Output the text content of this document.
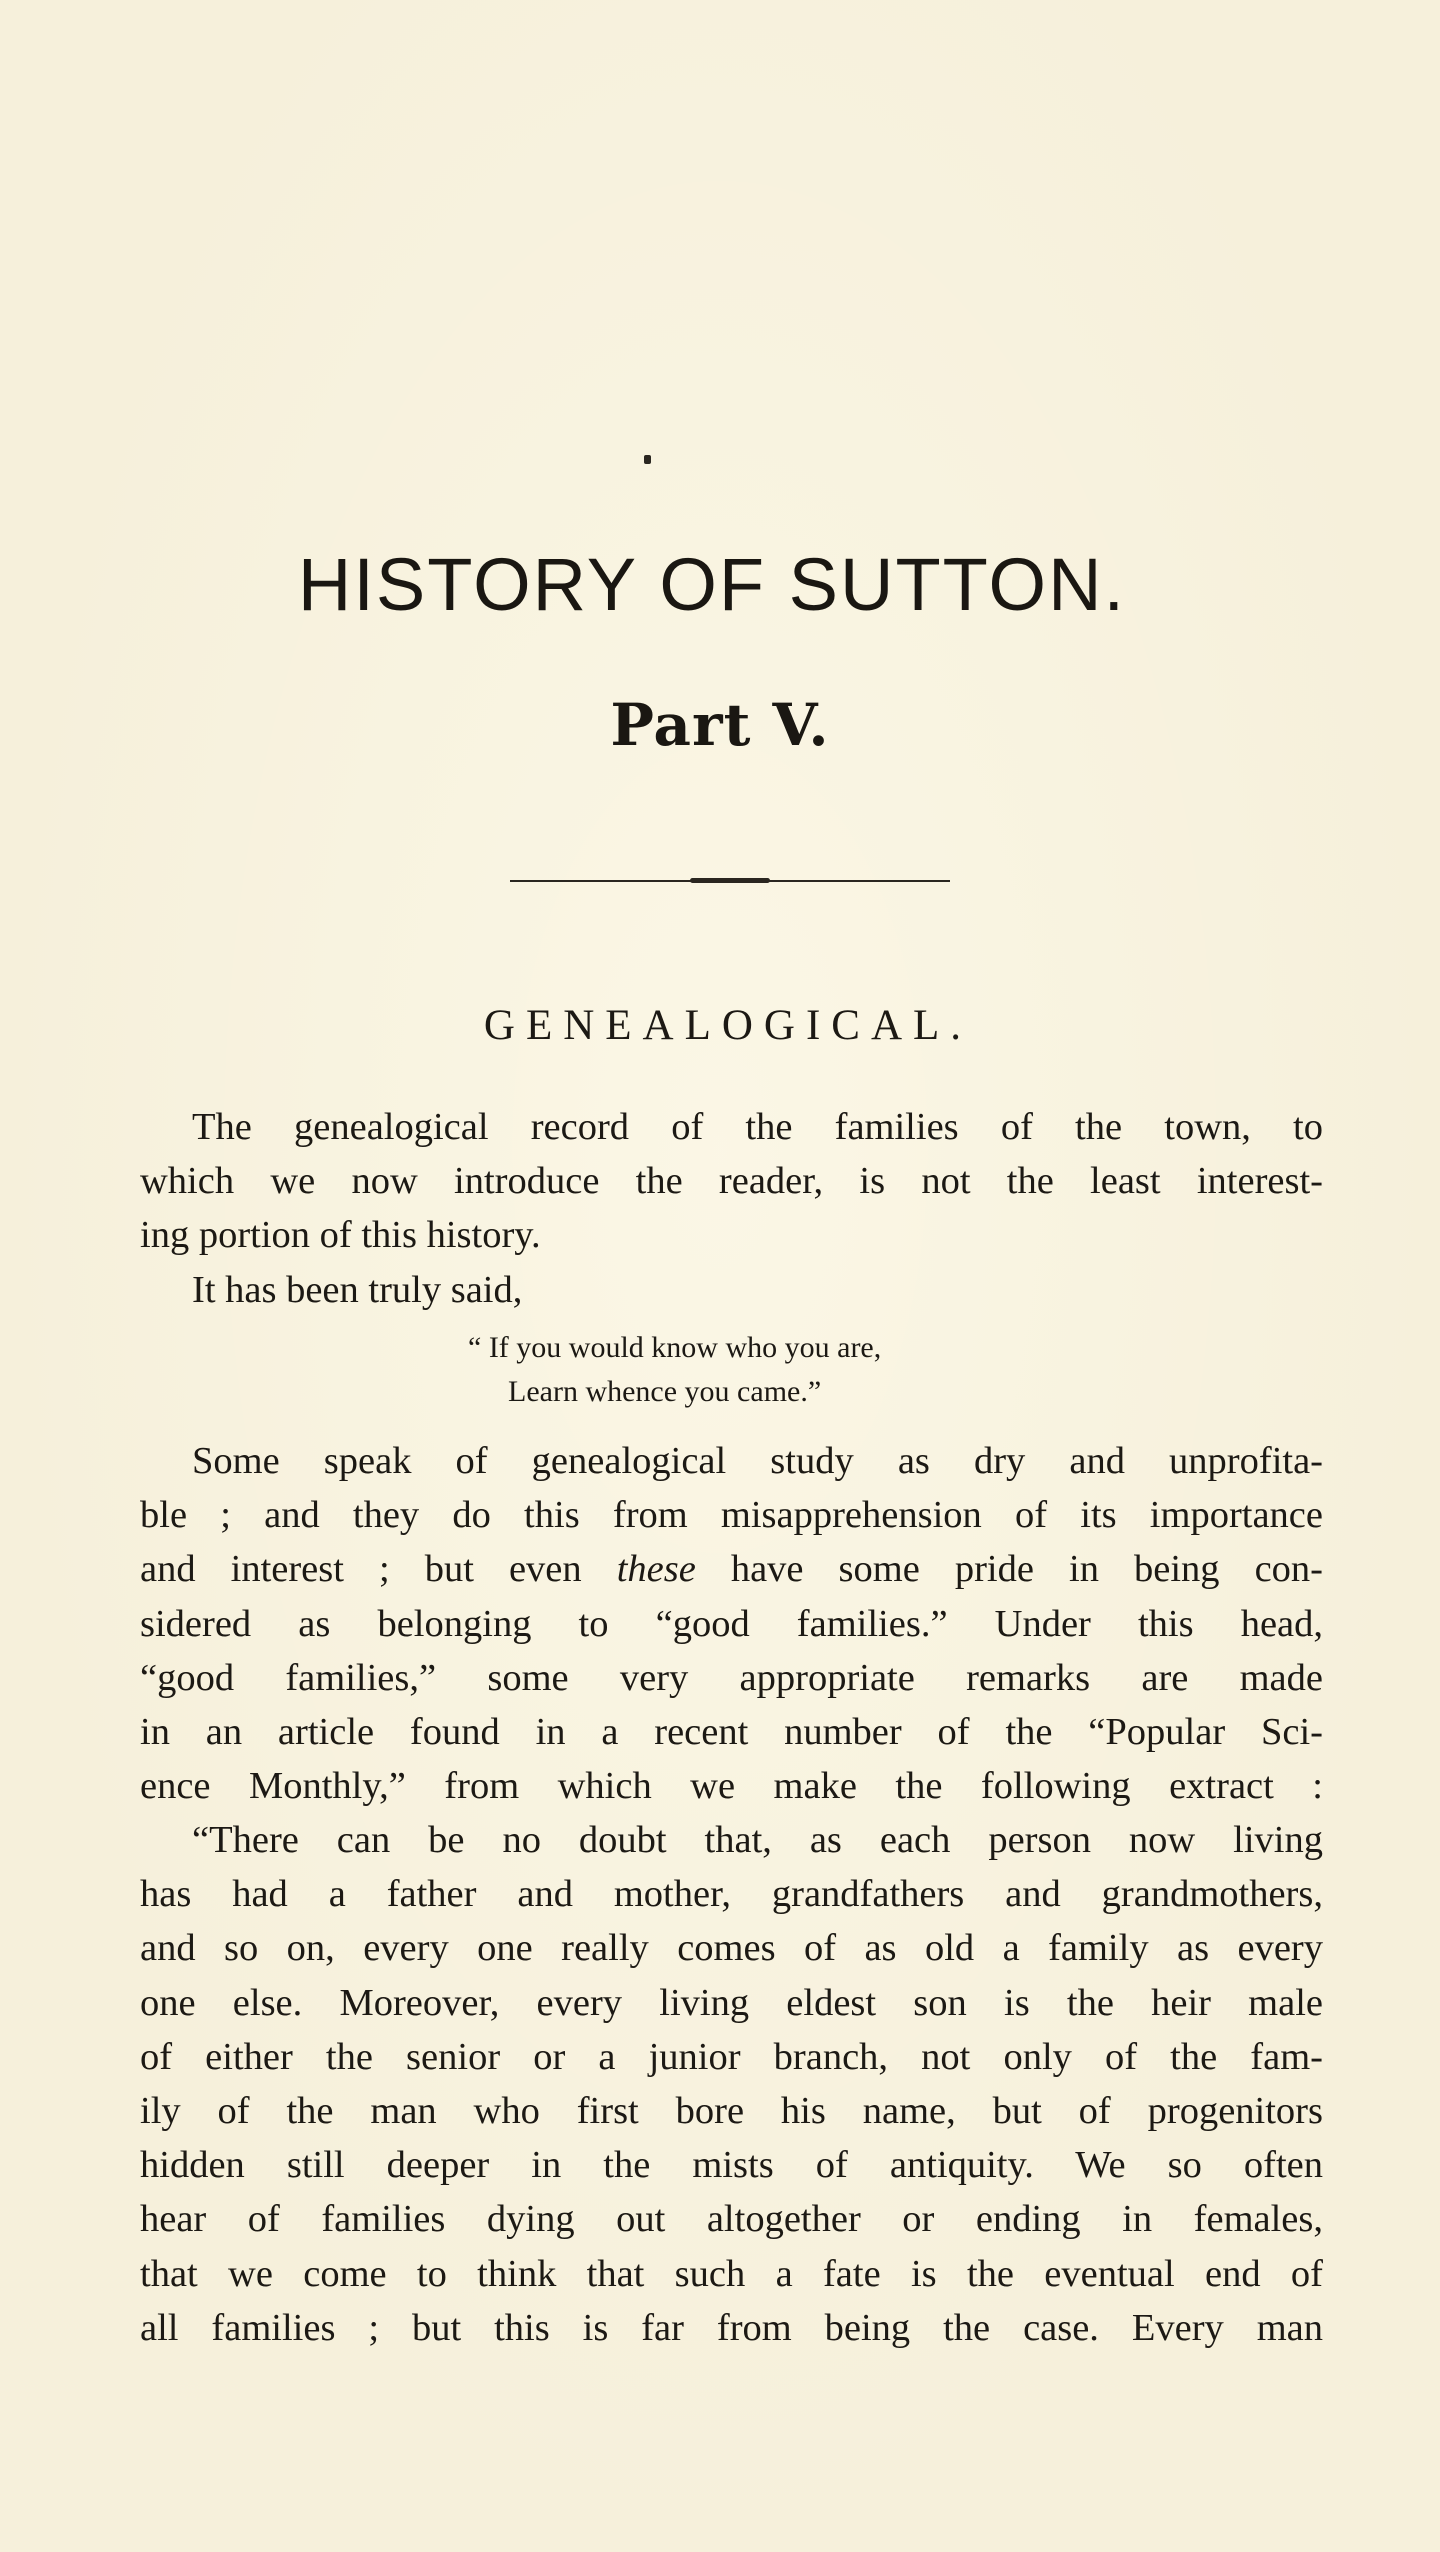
HISTORY OF SUTTON.
Part V.
GENEALOGICAL.
The genealogical record of the families of the town, to
which we now introduce the reader, is not the least interest-
ing portion of this history.
It has been truly said,
“ If you would know who you are,
Learn whence you came.”
Some speak of genealogical study as dry and unprofita-
ble ; and they do this from misapprehension of its importance
and interest ; but even these have some pride in being con-
sidered as belonging to “good families.” Under this head,
“good families,” some very appropriate remarks are made
in an article found in a recent number of the “Popular Sci-
ence Monthly,” from which we make the following extract :
“There can be no doubt that, as each person now living
has had a father and mother, grandfathers and grandmothers,
and so on, every one really comes of as old a family as every
one else. Moreover, every living eldest son is the heir male
of either the senior or a junior branch, not only of the fam-
ily of the man who first bore his name, but of progenitors
hidden still deeper in the mists of antiquity. We so often
hear of families dying out altogether or ending in females,
that we come to think that such a fate is the eventual end of
all families ; but this is far from being the case. Every man
